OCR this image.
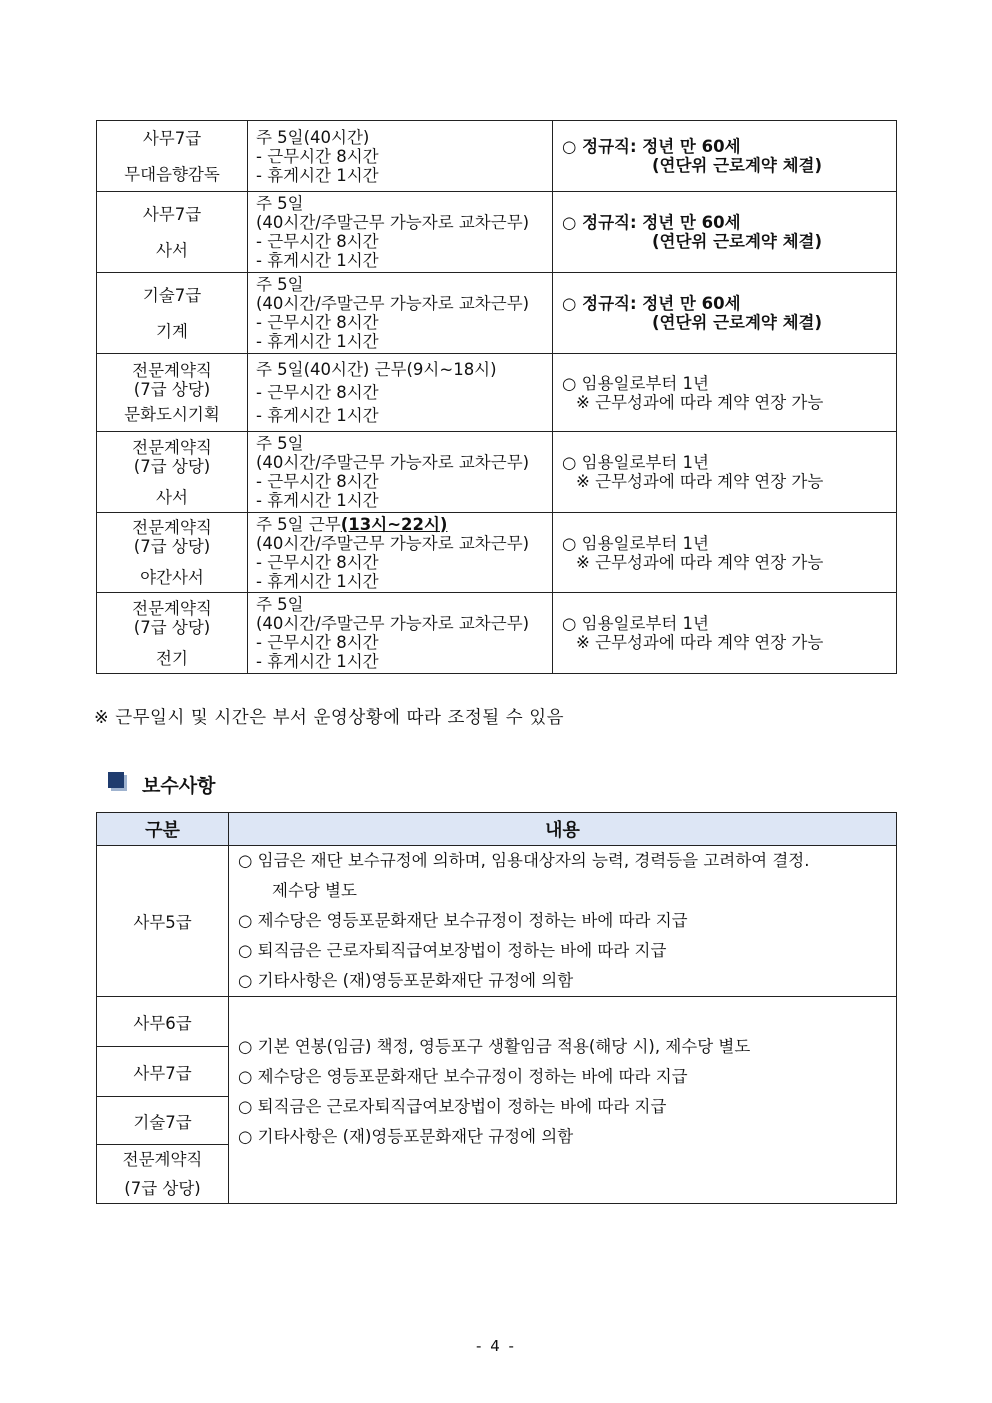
사무7급
무대음향감독	주 5일(40시간)
- 근무시간 8시간
- 휴게시간 1시간	○ 정규직: 정년 만 60세
(연단위 근로계약 체결)

사무7급
사서	주 5일
(40시간/주말근무 가능자로 교차근무)
- 근무시간 8시간
- 휴게시간 1시간	○ 정규직: 정년 만 60세
(연단위 근로계약 체결)

기술7급
기계	주 5일
(40시간/주말근무 가능자로 교차근무)
- 근무시간 8시간
- 휴게시간 1시간	○ 정규직: 정년 만 60세
(연단위 근로계약 체결)

전문계약직
(7급 상당)
문화도시기획	주 5일(40시간) 근무(9시~18시)
- 근무시간 8시간
- 휴게시간 1시간	○ 임용일로부터 1년
※ 근무성과에 따라 계약 연장 가능

전문계약직
(7급 상당)
사서	주 5일
(40시간/주말근무 가능자로 교차근무)
- 근무시간 8시간
- 휴게시간 1시간	○ 임용일로부터 1년
※ 근무성과에 따라 계약 연장 가능

전문계약직
(7급 상당)
야간사서	주 5일 근무(13시~22시)
(40시간/주말근무 가능자로 교차근무)
- 근무시간 8시간
- 휴게시간 1시간	○ 임용일로부터 1년
※ 근무성과에 따라 계약 연장 가능

전문계약직
(7급 상당)
전기	주 5일
(40시간/주말근무 가능자로 교차근무)
- 근무시간 8시간
- 휴게시간 1시간	○ 임용일로부터 1년
※ 근무성과에 따라 계약 연장 가능
※ 근무일시 및 시간은 부서 운영상황에 따라 조정될 수 있음
보수사항
구분	내용
사무5급	○ 임금은 재단 보수규정에 의하며, 임용대상자의 능력, 경력등을 고려하여 결정.
제수당 별도
○ 제수당은 영등포문화재단 보수규정이 정하는 바에 따라 지급
○ 퇴직금은 근로자퇴직급여보장법이 정하는 바에 따라 지급
○ 기타사항은 (재)영등포문화재단 규정에 의함

사무6급	○ 기본 연봉(임금) 책정, 영등포구 생활임금 적용(해당 시), 제수당 별도
○ 제수당은 영등포문화재단 보수규정이 정하는 바에 따라 지급
○ 퇴직금은 근로자퇴직급여보장법이 정하는 바에 따라 지급
○ 기타사항은 (재)영등포문화재단 규정에 의함

사무7급	
기술7급	

전문계약직
(7급 상당)	
- 4 -
